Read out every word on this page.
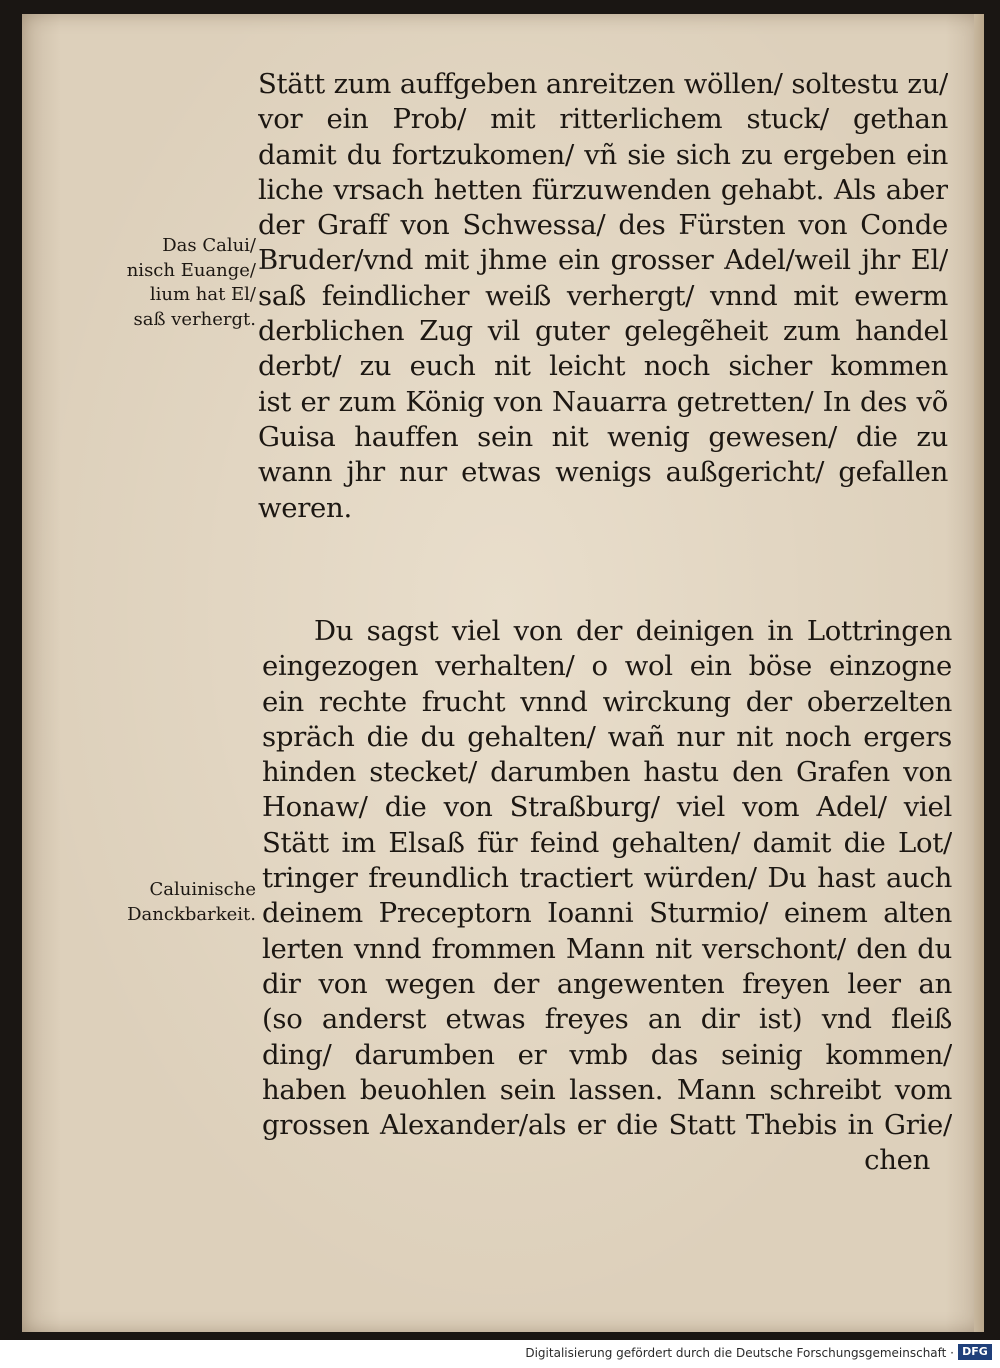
Das Calui/
nisch Euange/
lium hat El/
saß verhergt.
Caluinische
Danckbarkeit.
Stätt zum auffgeben anreitzen wöllen/ soltestu zu/
vor ein Prob/ mit ritterlichem stuck/ gethan
damit du fortzukomen/ vñ sie sich zu ergeben ein
liche vrsach hetten fürzuwenden gehabt. Als aber
der Graff von Schwessa/ des Fürsten von Conde
Bruder/vnd mit jhme ein grosser Adel/weil jhr El/
saß feindlicher weiß verhergt/ vnnd mit ewerm
derblichen Zug vil guter gelegẽheit zum handel
derbt/ zu euch nit leicht noch sicher kommen
ist er zum König von Nauarra getretten/ In des võ
Guisa hauffen sein nit wenig gewesen/ die zu
wann jhr nur etwas wenigs außgericht/ gefallen
weren.
Du sagst viel von der deinigen in Lottringen
eingezogen verhalten/ o wol ein böse einzogne
ein rechte frucht vnnd wirckung der oberzelten
spräch die du gehalten/ wañ nur nit noch ergers
hinden stecket/ darumben hastu den Grafen von
Honaw/ die von Straßburg/ viel vom Adel/ viel
Stätt im Elsaß für feind gehalten/ damit die Lot/
tringer freundlich tractiert würden/ Du hast auch
deinem Preceptorn Ioanni Sturmio/ einem alten
lerten vnnd frommen Mann nit verschont/ den du
dir von wegen der angewenten freyen leer an
(so anderst etwas freyes an dir ist) vnd fleiß
ding/ darumben er vmb das seinig kommen/
haben beuohlen sein lassen. Mann schreibt vom
grossen Alexander/als er die Statt Thebis in Grie/
chen
Digitalisierung gefördert durch die Deutsche Forschungsgemeinschaft · DFG
